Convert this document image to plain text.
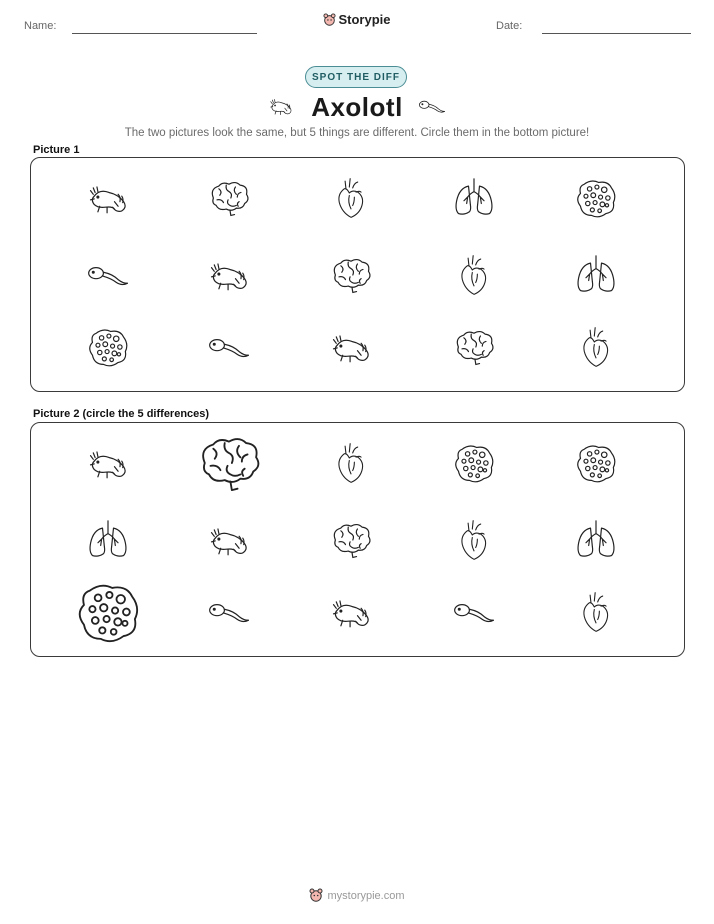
Name:	Storypie	Date:
SPOT THE DIFF
Axolotl
The two pictures look the same, but 5 things are different. Circle them in the bottom picture!
Picture 1
Picture 2 (circle the 5 differences)
mystorypie.com
